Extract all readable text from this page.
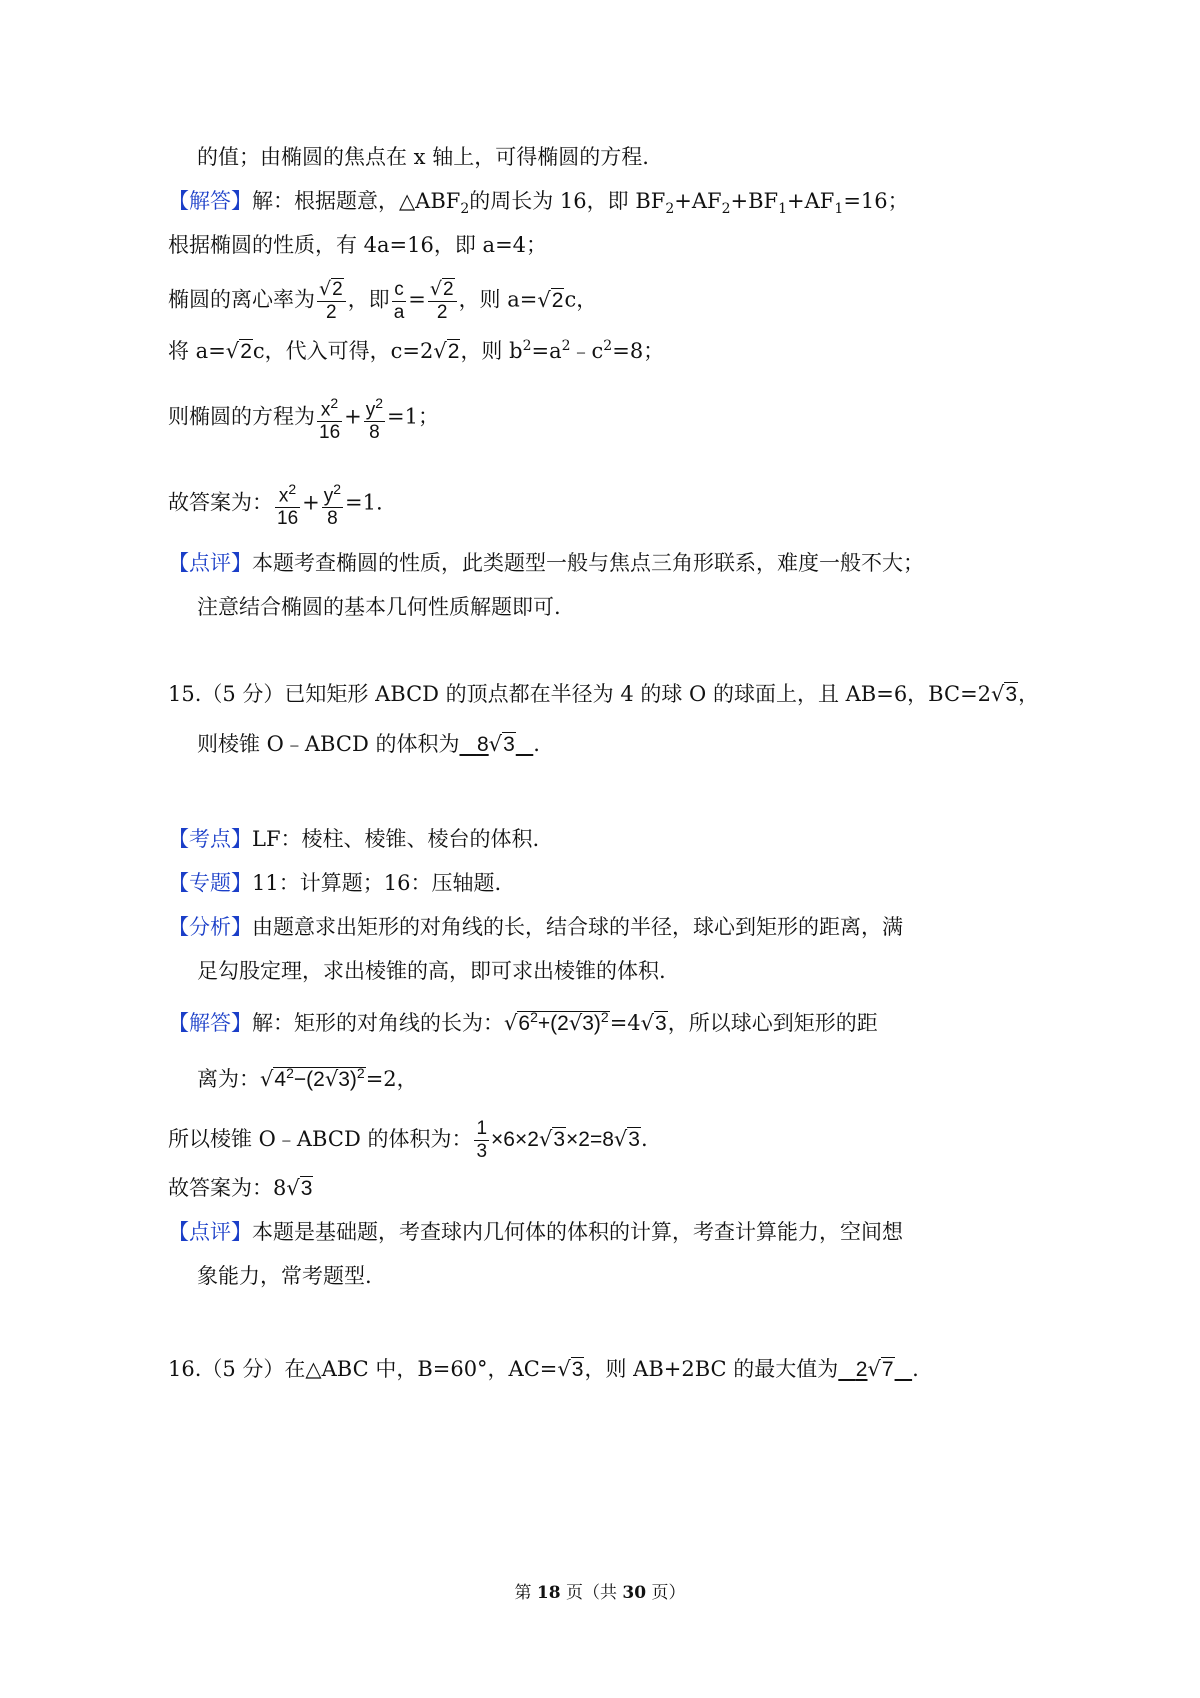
的值；由椭圆的焦点在 x 轴上，可得椭圆的方程.
【解答】解：根据题意，$\triangle ABF_2$的周长为 16，即 $BF_2+AF_2+BF_1+AF_1=16$；
根据椭圆的性质，有 4a=16，即 a=4；
椭圆的离心率为 $\frac{√2}{2}$ ，即 $\frac{c}{a} = \frac{√2}{2}$ ，则 a=√2c，
将 a=√2c，代入可得，c=2√2，则 $b^2=a^2﹣c^2=8$；
则椭圆的方程为 $\frac{x^2}{16} + \frac{y^2}{8} =1$；
故答案为： $\frac{x^2}{16} + \frac{y^2}{8} =1$.
【点评】本题考查椭圆的性质，此类题型一般与焦点三角形联系，难度一般不大；
注意结合椭圆的基本几何性质解题即可.
15.（5 分）已知矩形 ABCD 的顶点都在半径为 4 的球 O 的球面上，且 AB=6，BC=2√3，
则棱锥 O﹣ABCD 的体积为 8√3 .
【考点】LF：棱柱、棱锥、棱台的体积.
【专题】11：计算题；16：压轴题.
【分析】由题意求出矩形的对角线的长，结合球的半径，球心到矩形的距离，满
足勾股定理，求出棱锥的高，即可求出棱锥的体积.
【解答】解：矩形的对角线的长为：$√6^2+(2√3)^2=4√3$，所以球心到矩形的距
离为：$√4^2-(2√3)^2=2$，
所以棱锥 O﹣ABCD 的体积为： $\frac{1}{3} \times 6\times 2√3\times 2=8√3$.
故答案为：8√3
【点评】本题是基础题，考查球内几何体的体积的计算，考查计算能力，空间想
象能力，常考题型.
16.（5 分）在△ABC 中，B=60°，AC=√3，则 AB+2BC 的最大值为 2√7 .
第 18 页（共 30 页）
